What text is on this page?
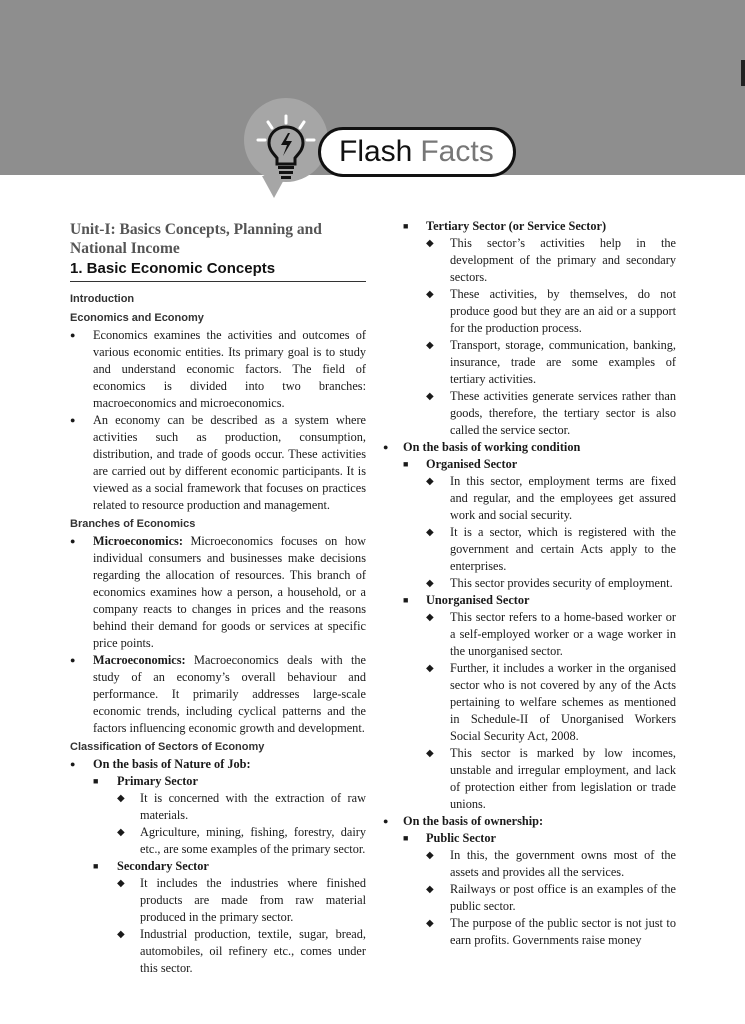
Flash Facts
Unit-I: Basics Concepts, Planning and National Income
1. Basic Economic Concepts
Introduction
Economics and Economy
● Economics examines the activities and outcomes of various economic entities. Its primary goal is to study and understand economic factors. The field of economics is divided into two branches: macroeconomics and microeconomics.
● An economy can be described as a system where activities such as production, consumption, distribution, and trade of goods occur. These activities are carried out by different economic participants. It is viewed as a social framework that focuses on practices related to resource production and management.
Branches of Economics
● Microeconomics: Microeconomics focuses on how individual consumers and businesses make decisions regarding the allocation of resources. This branch of economics examines how a person, a household, or a company reacts to changes in prices and the reasons behind their demand for goods or services at specific price points.
● Macroeconomics: Macroeconomics deals with the study of an economy’s overall behaviour and performance. It primarily addresses large-scale economic trends, including cyclical patterns and the factors influencing economic growth and development.
Classification of Sectors of Economy
● On the basis of Nature of Job:
■ Primary Sector
◆ It is concerned with the extraction of raw materials.
◆ Agriculture, mining, fishing, forestry, dairy etc., are some examples of the primary sector.
■ Secondary Sector
◆ It includes the industries where finished products are made from raw material produced in the primary sector.
◆ Industrial production, textile, sugar, bread, automobiles, oil refinery etc., comes under this sector.
■ Tertiary Sector (or Service Sector)
◆ This sector’s activities help in the development of the primary and secondary sectors.
◆ These activities, by themselves, do not produce good but they are an aid or a support for the production process.
◆ Transport, storage, communication, banking, insurance, trade are some examples of tertiary activities.
◆ These activities generate services rather than goods, therefore, the tertiary sector is also called the service sector.
● On the basis of working condition
■ Organised Sector
◆ In this sector, employment terms are fixed and regular, and the employees get assured work and social security.
◆ It is a sector, which is registered with the government and certain Acts apply to the enterprises.
◆ This sector provides security of employment.
■ Unorganised Sector
◆ This sector refers to a home-based worker or a self-employed worker or a wage worker in the unorganised sector.
◆ Further, it includes a worker in the organised sector who is not covered by any of the Acts pertaining to welfare schemes as mentioned in Schedule-II of Unorganised Workers Social Security Act, 2008.
◆ This sector is marked by low incomes, unstable and irregular employment, and lack of protection either from legislation or trade unions.
● On the basis of ownership:
■ Public Sector
◆ In this, the government owns most of the assets and provides all the services.
◆ Railways or post office is an examples of the public sector.
◆ The purpose of the public sector is not just to earn profits. Governments raise money
